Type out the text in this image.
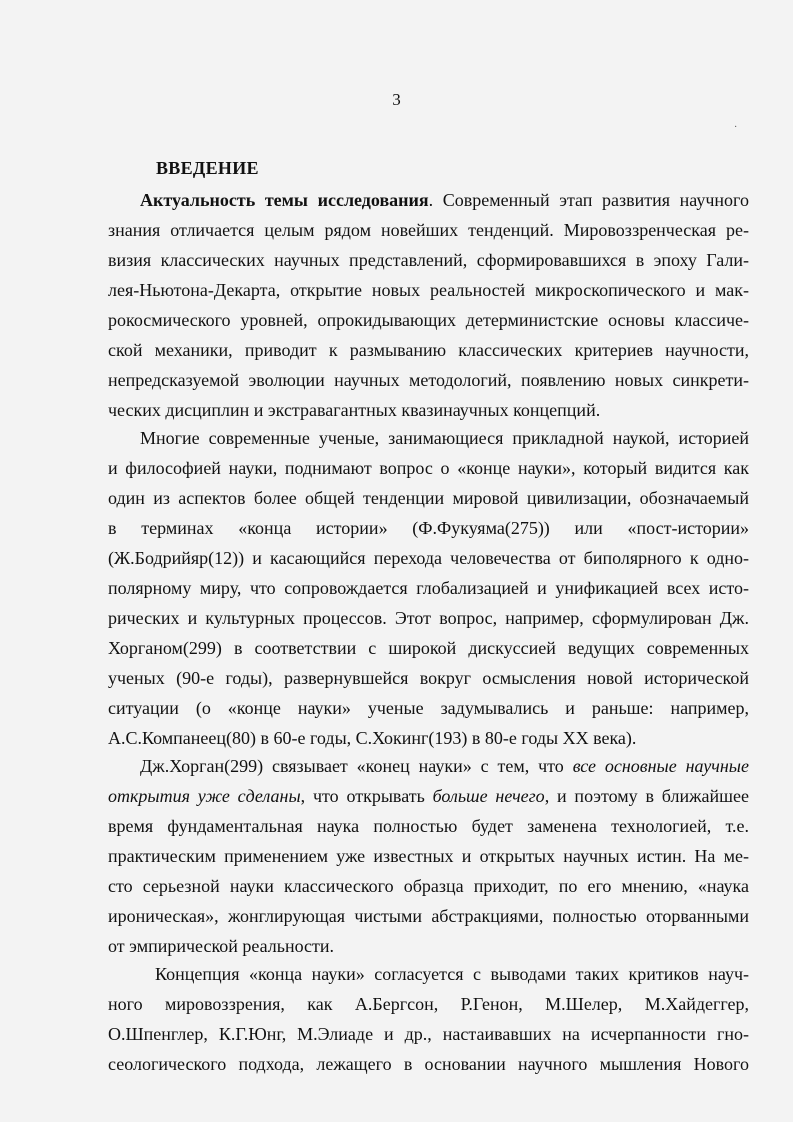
3
·
ВВЕДЕНИЕ
Актуальность темы исследования. Современный этап развития научного
знания отличается целым рядом новейших тенденций. Мировоззренческая ре-
визия классических научных представлений, сформировавшихся в эпоху Гали-
лея-Ньютона-Декарта, открытие новых реальностей микроскопического и мак-
рокосмического уровней, опрокидывающих детерминистские основы классиче-
ской механики, приводит к размыванию классических критериев научности,
непредсказуемой эволюции научных методологий, появлению новых синкрети-
ческих дисциплин и экстравагантных квазинаучных концепций.
Многие современные ученые, занимающиеся прикладной наукой, историей
и философией науки, поднимают вопрос о «конце науки», который видится как
один из аспектов более общей тенденции мировой цивилизации, обозначаемый
в терминах «конца истории» (Ф.Фукуяма(275)) или «пост-истории»
(Ж.Бодрийяр(12)) и касающийся перехода человечества от биполярного к одно-
полярному миру, что сопровождается глобализацией и унификацией всех исто-
рических и культурных процессов. Этот вопрос, например, сформулирован Дж.
Хорганом(299) в соответствии с широкой дискуссией ведущих современных
ученых (90-е годы), развернувшейся вокруг осмысления новой исторической
ситуации (о «конце науки» ученые задумывались и раньше: например,
А.С.Компанеец(80) в 60-е годы, С.Хокинг(193) в 80-е годы XX века).
Дж.Хорган(299) связывает «конец науки» с тем, что все основные научные
открытия уже сделаны, что открывать больше нечего, и поэтому в ближайшее
время фундаментальная наука полностью будет заменена технологией, т.е.
практическим применением уже известных и открытых научных истин. На ме-
сто серьезной науки классического образца приходит, по его мнению, «наука
ироническая», жонглирующая чистыми абстракциями, полностью оторванными
от эмпирической реальности.
Концепция «конца науки» согласуется с выводами таких критиков науч-
ного мировоззрения, как А.Бергсон, Р.Генон, М.Шелер, М.Хайдеггер,
О.Шпенглер, К.Г.Юнг, М.Элиаде и др., настаивавших на исчерпанности гно-
сеологического подхода, лежащего в основании научного мышления Нового
